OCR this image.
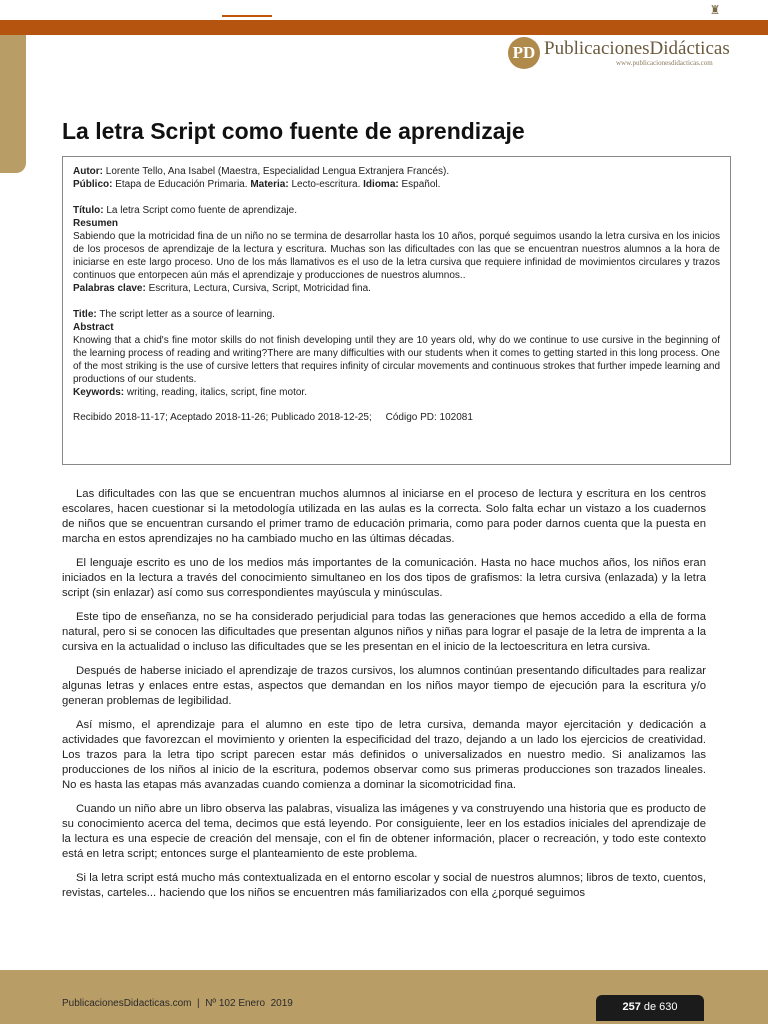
♜
PD PublicacionesDidácticas
www.publicacionesdidacticas.com
La letra Script como fuente de aprendizaje

Autor: Lorente Tello, Ana Isabel (Maestra, Especialidad Lengua Extranjera Francés).

Público: Etapa de Educación Primaria. Materia: Lecto-escritura. Idioma: Español.

Título: La letra Script como fuente de aprendizaje.

Resumen

Sabiendo que la motricidad fina de un niño no se termina de desarrollar hasta los 10 años, porqué seguimos usando la letra cursiva en los inicios de los procesos de aprendizaje de la lectura y escritura. Muchas son las dificultades con las que se encuentran nuestros alumnos a la hora de iniciarse en este largo proceso. Uno de los más llamativos es el uso de la letra cursiva que requiere infinidad de movimientos circulares y trazos continuos que entorpecen aún más el aprendizaje y producciones de nuestros alumnos..

Palabras clave: Escritura, Lectura, Cursiva, Script, Motricidad fina.

Title: The script letter as a source of learning.

Abstract

Knowing that a chid's fine motor skills do not finish developing until they are 10 years old, why do we continue to use cursive in the beginning of the learning process of reading and writing?There are many difficulties with our students when it comes to getting started in this long process. One of the most striking is the use of cursive letters that requires infinity of circular movements and continuous strokes that further impede learning and productions of our students.

Keywords: writing, reading, italics, script, fine motor.

Recibido 2018-11-17; Aceptado 2018-11-26; Publicado 2018-12-25;     Código PD: 102081

Las dificultades con las que se encuentran muchos alumnos al iniciarse en el proceso de lectura y escritura en los centros escolares, hacen cuestionar si la metodología utilizada en las aulas es la correcta. Solo falta echar un vistazo a los cuadernos de niños que se encuentran cursando el primer tramo de educación primaria, como para poder darnos cuenta que la puesta en marcha en estos aprendizajes no ha cambiado mucho en las últimas décadas.

El lenguaje escrito es uno de los medios más importantes de la comunicación. Hasta no hace muchos años, los niños eran iniciados en la lectura a través del conocimiento simultaneo en los dos tipos de grafismos: la letra cursiva (enlazada) y la letra script (sin enlazar) así como sus correspondientes mayúscula y minúsculas.

Este tipo de enseñanza, no se ha considerado perjudicial para todas las generaciones que hemos accedido a ella de forma natural, pero si se conocen las dificultades que presentan algunos niños y niñas para lograr el pasaje de la letra de imprenta a la cursiva en la actualidad o incluso las dificultades que se les presentan en el inicio de la lectoescritura en letra cursiva.

Después de haberse iniciado el aprendizaje de trazos cursivos, los alumnos continúan presentando dificultades para realizar algunas letras y enlaces entre estas, aspectos que demandan en los niños mayor tiempo de ejecución para la escritura y/o generan problemas de legibilidad.

Así mismo, el aprendizaje para el alumno en este tipo de letra cursiva, demanda mayor ejercitación y dedicación a actividades que favorezcan el movimiento y orienten la especificidad del trazo, dejando a un lado los ejercicios de creatividad. Los trazos para la letra tipo script parecen estar más definidos o universalizados en nuestro medio. Si analizamos las producciones de los niños al inicio de la escritura, podemos observar como sus primeras producciones son trazados lineales. No es hasta las etapas más avanzadas cuando comienza a dominar la sicomotricidad fina.

Cuando un niño abre un libro observa las palabras, visualiza las imágenes y va construyendo una historia que es producto de su conocimiento acerca del tema, decimos que está leyendo. Por consiguiente, leer en los estadios iniciales del aprendizaje de la lectura es una especie de creación del mensaje, con el fin de obtener información, placer o recreación, y todo este contexto está en letra script; entonces surge el planteamiento de este problema.

Si la letra script está mucho más contextualizada en el entorno escolar y social de nuestros alumnos; libros de texto, cuentos, revistas, carteles... haciendo que los niños se encuentren más familiarizados con ella ¿porqué seguimos

PublicacionesDidacticas.com  |  Nº 102 Enero  2019	257 de 630
